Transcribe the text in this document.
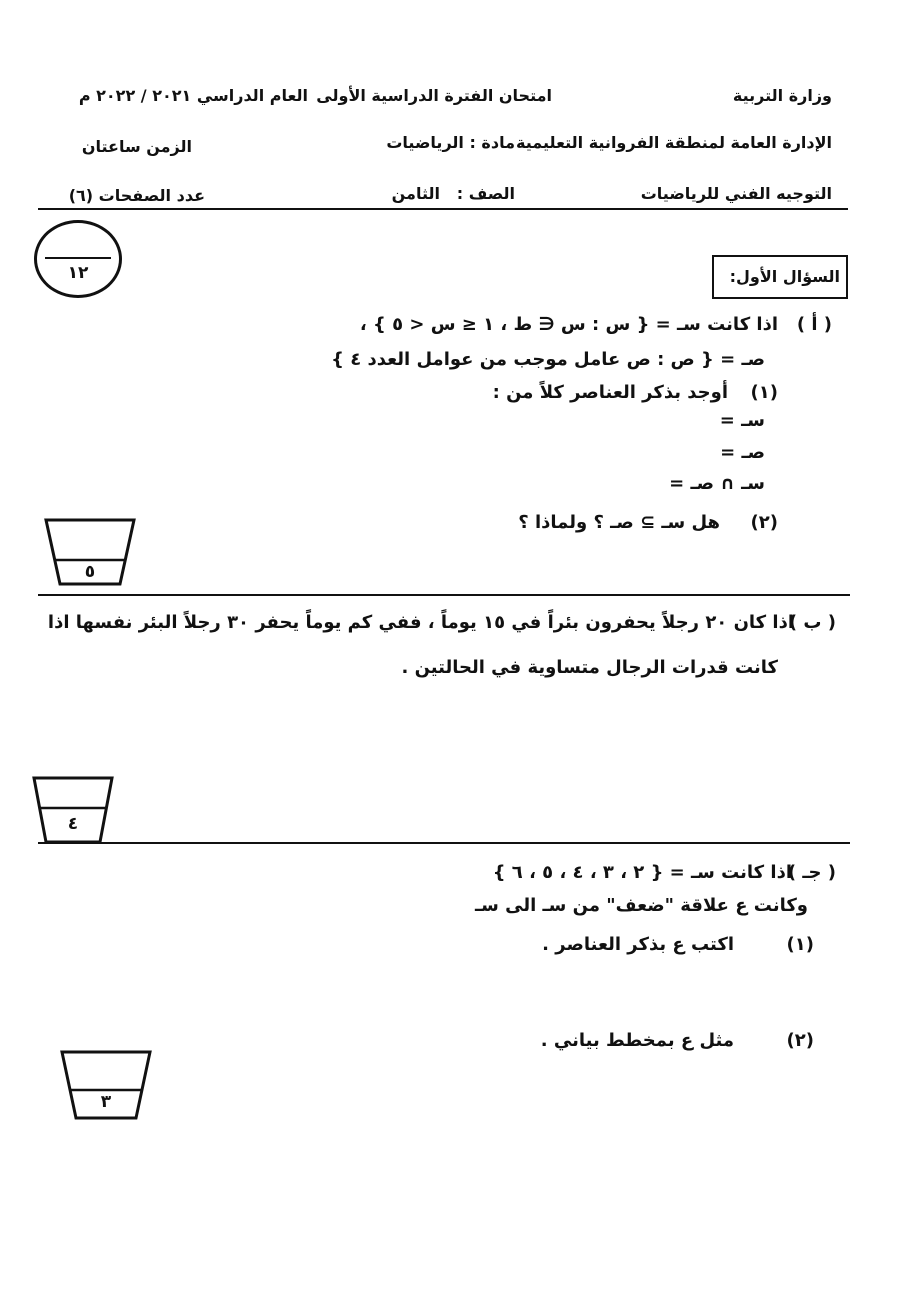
وزارة التربية
امتحان الفترة الدراسية الأولى
العام الدراسي ٢٠٢١ / ٢٠٢٢ م
الإدارة العامة لمنطقة الفروانية التعليمية
مادة : الرياضيات
الزمن ساعتان
التوجيه الفني للرياضيات
الصف :
الثامن
عدد الصفحات (٦)
١٢	السؤال الأول:
( أ )
اذا كانت سـ = { س : س ∈ ط ، ١ ≤ س < ٥ } ،
صـ = { ص : ص عامل موجب من عوامل العدد ٤ }
(١)
أوجد بذكر العناصر كلاً من :
سـ =
صـ =
سـ ∩ صـ =
(٢)
هل سـ ⊇ صـ ؟ ولماذا ؟
٥
( ب )
اذا كان ٢٠ رجلاً يحفرون بئراً في ١٥ يوماً ، ففي كم يوماً يحفر ٣٠ رجلاً البئر نفسها اذا
كانت قدرات الرجال متساوية في الحالتين .
٤
( جـ )
اذا كانت سـ = { ٢ ، ٣ ، ٤ ، ٥ ، ٦ }
وكانت ع علاقة "ضعف" من سـ الى سـ
(١)
اكتب ع بذكر العناصر .
(٢)
مثل ع بمخطط بياني .
٣
